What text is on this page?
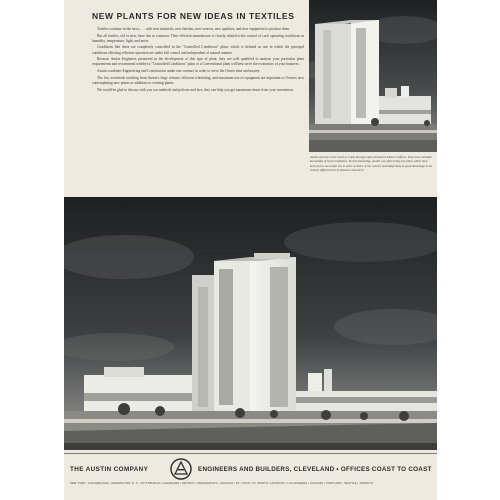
NEW PLANTS FOR NEW IDEAS IN TEXTILES

Textiles continue in the news . . . with new materials, new finishes, new weaves, new qualities, and new equipment to produce them.

But all textiles, old or new, have this in common: Their efficient manufacture is closely related to the control of such operating conditions as humidity, temperature, light, and noise.

Conditions like these are completely controlled in the "Controlled Conditions" plant, which is defined as one in which the principal conditions affecting efficient operation are under full control and independent of natural manner.

Because Austin Engineers pioneered in the development of this type of plant, they are well qualified to analyze your particular plant requirements and recommend whether a "Controlled Conditions" plant or a Conventional plant will best serve the economics of your business.

Austin combines Engineering and Construction under one contract in order to serve the Owner time and money.

The low overheads resulting from Austin's large volume, efficient scheduling, and maximum use of equipment are important to Owners now contemplating new plants or additions to existing plants.

We would be glad to discuss with you our methods and policies and how they can help you get maximum return from your investment.

Austin operates from Coast to Coast through eight permanent District Offices. They have valuable knowledge of local conditions. To this knowledge, Austin can often bring new ideas which have been put to successful use in other sections of the country and adapt them to good advantage to an entirely different line of business elsewhere.

THE AUSTIN COMPANY	ENGINEERS AND BUILDERS, CLEVELAND • OFFICES COAST TO COAST

NEW YORK • PHILADELPHIA • WASHINGTON, D. C. • PITTSBURGH • CLEVELAND • DETROIT • INDIANAPOLIS • CHICAGO • ST. LOUIS • FT. WORTH • HOUSTON • LOS ANGELES • OAKLAND • PORTLAND • SEATTLE • TORONTO
